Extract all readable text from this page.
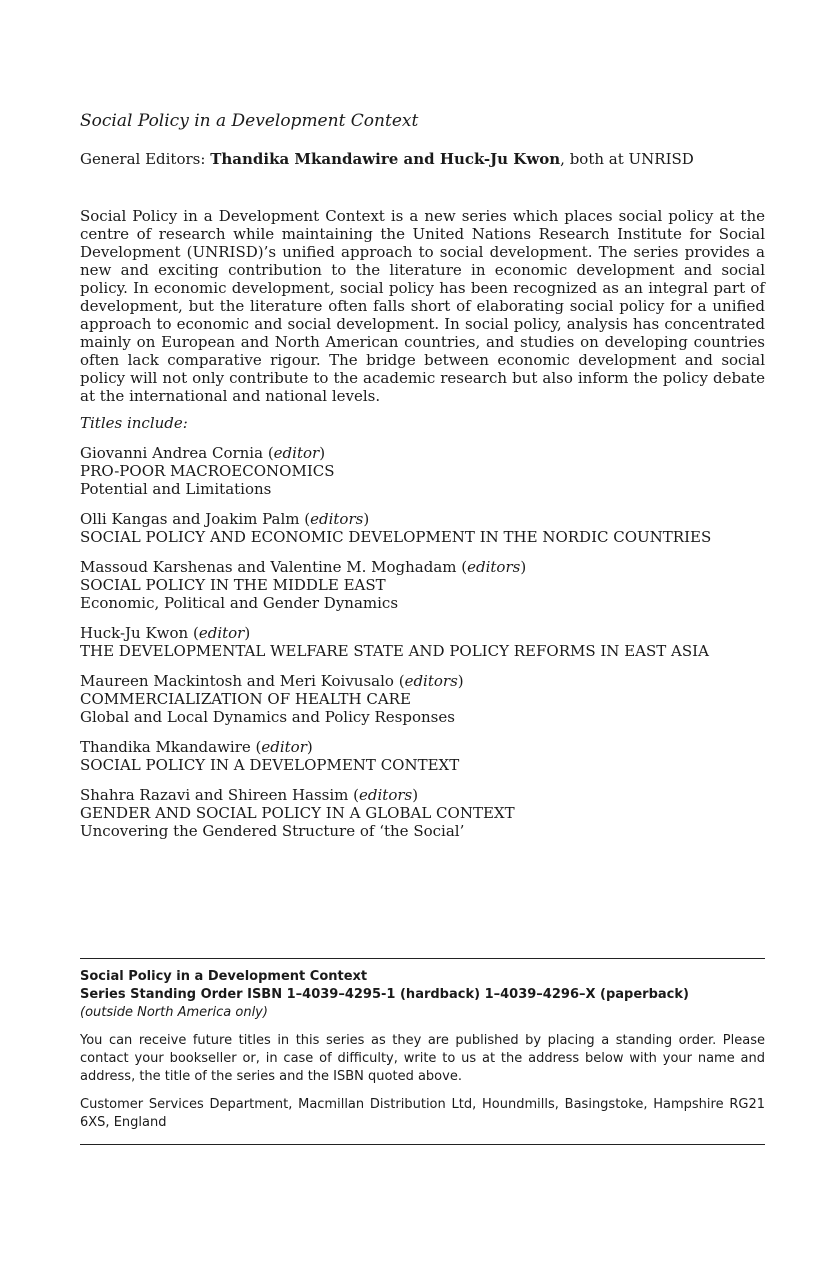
Social Policy in a Development Context
General Editors: Thandika Mkandawire and Huck-Ju Kwon, both at UNRISD

Social Policy in a Development Context is a new series which places social policy at the centre of research while maintaining the United Nations Research Institute for Social Development (UNRISD)’s unified approach to social development. The series provides a new and exciting contribution to the literature in economic development and social policy. In economic development, social policy has been recognized as an integral part of development, but the literature often falls short of elaborating social policy for a unified approach to economic and social development. In social policy, analysis has concentrated mainly on European and North American countries, and studies on developing countries often lack comparative rigour. The bridge between economic development and social policy will not only contribute to the academic research but also inform the policy debate at the international and national levels.

Titles include:
Giovanni Andrea Cornia (editor)
PRO-POOR MACROECONOMICS
Potential and Limitations
Olli Kangas and Joakim Palm (editors)
SOCIAL POLICY AND ECONOMIC DEVELOPMENT IN THE NORDIC COUNTRIES
Massoud Karshenas and Valentine M. Moghadam (editors)
SOCIAL POLICY IN THE MIDDLE EAST
Economic, Political and Gender Dynamics
Huck-Ju Kwon (editor)
THE DEVELOPMENTAL WELFARE STATE AND POLICY REFORMS IN EAST ASIA
Maureen Mackintosh and Meri Koivusalo (editors)
COMMERCIALIZATION OF HEALTH CARE
Global and Local Dynamics and Policy Responses
Thandika Mkandawire (editor)
SOCIAL POLICY IN A DEVELOPMENT CONTEXT
Shahra Razavi and Shireen Hassim (editors)
GENDER AND SOCIAL POLICY IN A GLOBAL CONTEXT
Uncovering the Gendered Structure of ‘the Social’
Social Policy in a Development Context
Series Standing Order ISBN 1–4039–4295-1 (hardback) 1–4039–4296–X (paperback)
(outside North America only)

You can receive future titles in this series as they are published by placing a standing order. Please contact your bookseller or, in case of difficulty, write to us at the address below with your name and address, the title of the series and the ISBN quoted above.

Customer Services Department, Macmillan Distribution Ltd, Houndmills, Basingstoke, Hampshire RG21 6XS, England
